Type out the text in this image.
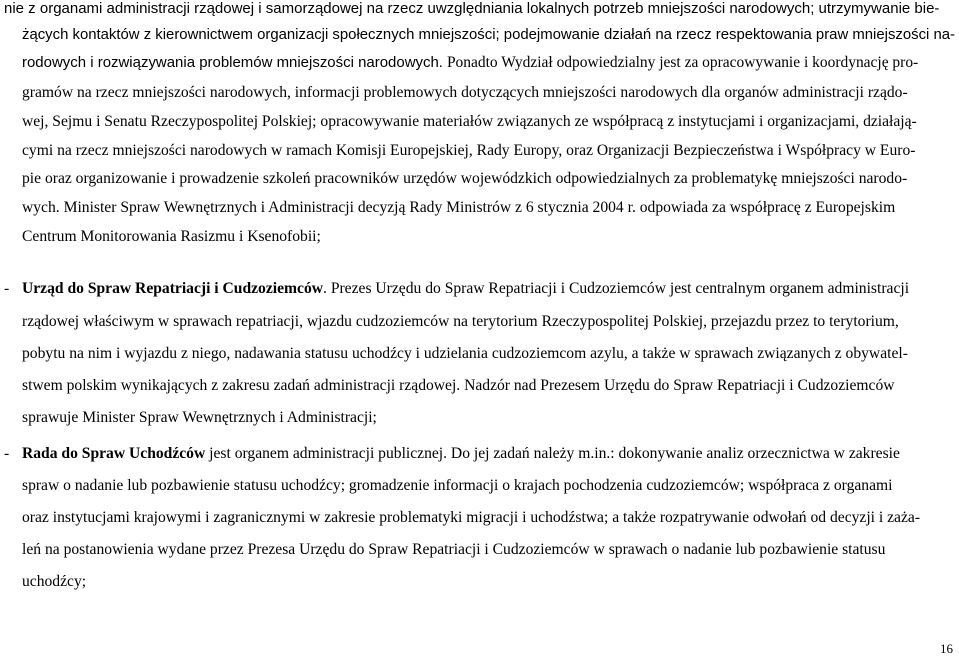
nie z organami administracji rządowej i samorządowej na rzecz uwzględniania lokalnych potrzeb mniejszości narodowych; utrzymywanie bie-
żących kontaktów z kierownictwem organizacji społecznych mniejszości; podejmowanie działań na rzecz respektowania praw mniejszości na-
rodowych i rozwiązywania problemów mniejszości narodowych. Ponadto Wydział odpowiedzialny jest za opracowywanie i koordynację pro-
gramów na rzecz mniejszości narodowych, informacji problemowych dotyczących mniejszości narodowych dla organów administracji rządo-
wej, Sejmu i Senatu Rzeczypospolitej Polskiej; opracowywanie materiałów związanych ze współpracą z instytucjami i organizacjami, działają-
cymi na rzecz mniejszości narodowych w ramach Komisji Europejskiej, Rady Europy, oraz Organizacji Bezpieczeństwa i Współpracy w Euro-
pie oraz organizowanie i prowadzenie szkoleń pracowników urzędów wojewódzkich odpowiedzialnych za problematykę mniejszości narodo-
wych. Minister Spraw Wewnętrznych i Administracji decyzją Rady Ministrów z 6 stycznia 2004 r. odpowiada za współpracę z Europejskim
Centrum Monitorowania Rasizmu i Ksenofobii;
- Urząd do Spraw Repatriacji i Cudzoziemców. Prezes Urzędu do Spraw Repatriacji i Cudzoziemców jest centralnym organem administracji
rządowej właściwym w sprawach repatriacji, wjazdu cudzoziemców na terytorium Rzeczypospolitej Polskiej, przejazdu przez to terytorium,
pobytu na nim i wyjazdu z niego, nadawania statusu uchodźcy i udzielania cudzoziemcom azylu, a także w sprawach związanych z obywatel-
stwem polskim wynikających z zakresu zadań administracji rządowej. Nadzór nad Prezesem Urzędu do Spraw Repatriacji i Cudzoziemców
sprawuje Minister Spraw Wewnętrznych i Administracji;
- Rada do Spraw Uchodźców jest organem administracji publicznej. Do jej zadań należy m.in.: dokonywanie analiz orzecznictwa w zakresie
spraw o nadanie lub pozbawienie statusu uchodźcy; gromadzenie informacji o krajach pochodzenia cudzoziemców; współpraca z organami
oraz instytucjami krajowymi i zagranicznymi w zakresie problematyki migracji i uchodźstwa; a także rozpatrywanie odwołań od decyzji i zaża-
leń na postanowienia wydane przez Prezesa Urzędu do Spraw Repatriacji i Cudzoziemców w sprawach o nadanie lub pozbawienie statusu
uchodźcy;
16
